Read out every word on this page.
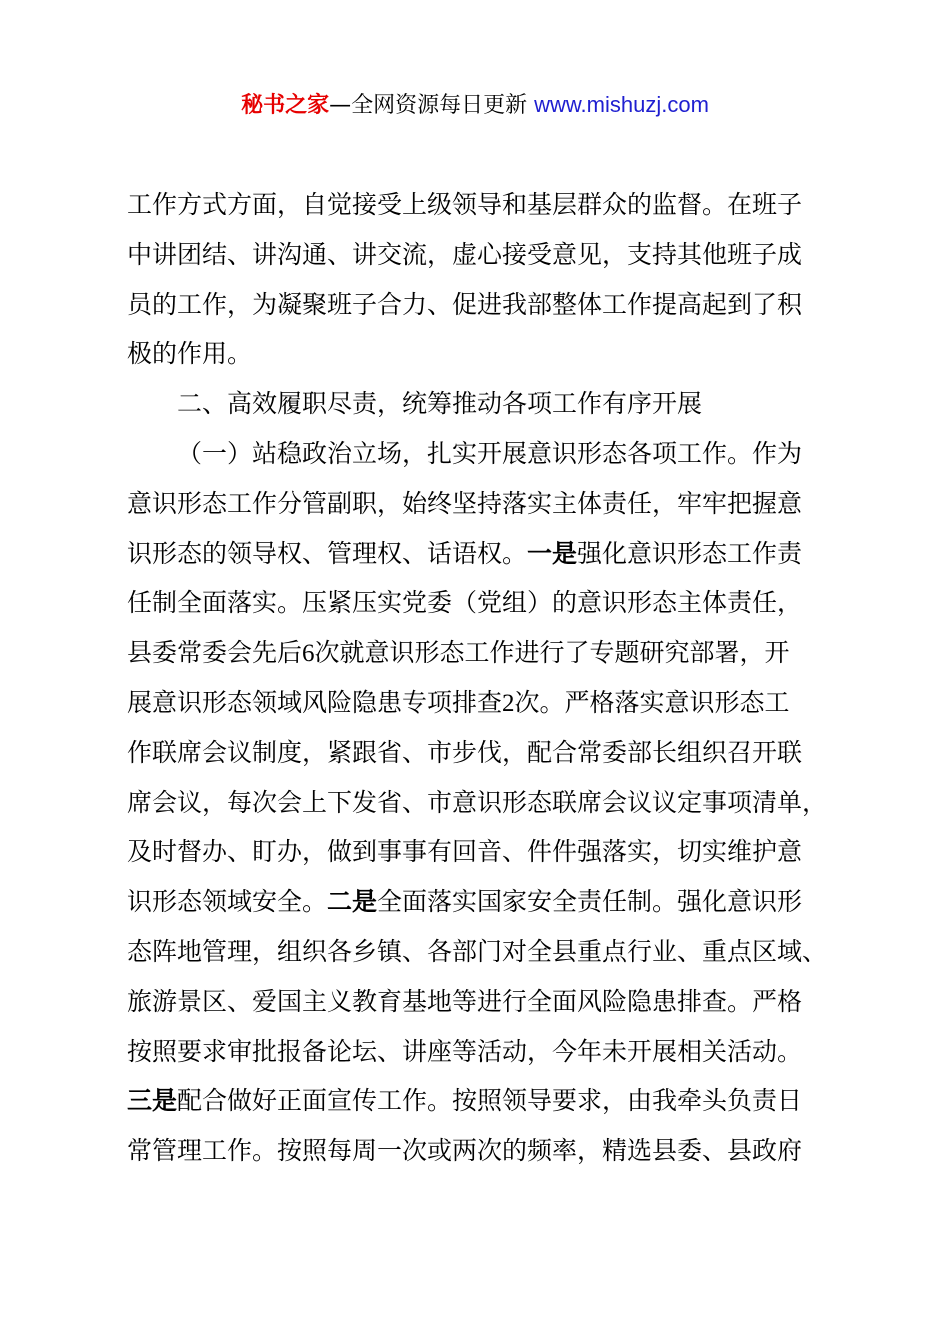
秘书之家—全网资源每日更新 www.mishuzj.com
工作方式方面，自觉接受上级领导和基层群众的监督。在班子
中讲团结、讲沟通、讲交流，虚心接受意见，支持其他班子成
员的工作，为凝聚班子合力、促进我部整体工作提高起到了积
极的作用。
二、高效履职尽责，统筹推动各项工作有序开展
（一）站稳政治立场，扎实开展意识形态各项工作。作为
意识形态工作分管副职，始终坚持落实主体责任，牢牢把握意
识形态的领导权、管理权、话语权。一是强化意识形态工作责
任制全面落实。压紧压实党委（党组）的意识形态主体责任，
县委常委会先后6次就意识形态工作进行了专题研究部署，开
展意识形态领域风险隐患专项排查2次。严格落实意识形态工
作联席会议制度，紧跟省、市步伐，配合常委部长组织召开联
席会议，每次会上下发省、市意识形态联席会议议定事项清单，
及时督办、盯办，做到事事有回音、件件强落实，切实维护意
识形态领域安全。二是全面落实国家安全责任制。强化意识形
态阵地管理，组织各乡镇、各部门对全县重点行业、重点区域、
旅游景区、爱国主义教育基地等进行全面风险隐患排查。严格
按照要求审批报备论坛、讲座等活动，今年未开展相关活动。
三是配合做好正面宣传工作。按照领导要求，由我牵头负责日
常管理工作。按照每周一次或两次的频率，精选县委、县政府
